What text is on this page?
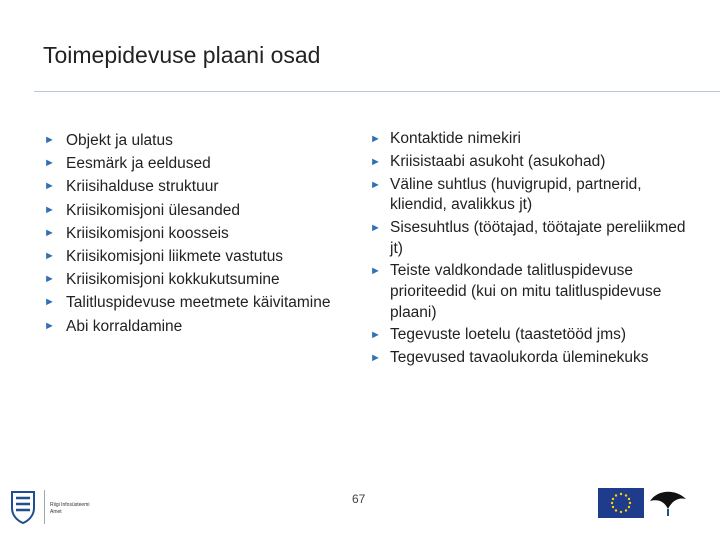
Toimepidevuse plaani osad
► Objekt ja ulatus
► Eesmärk ja eeldused
► Kriisihalduse struktuur
► Kriisikomisjoni ülesanded
► Kriisikomisjoni koosseis
► Kriisikomisjoni liikmete vastutus
► Kriisikomisjoni kokkukutsumine
► Talitluspidevuse meetmete käivitamine
► Abi korraldamine
► Kontaktide nimekiri
► Kriisistaabi asukoht (asukohad)
► Väline suhtlus (huvigrupid, partnerid, kliendid, avalikkus jt)
► Sisesuhtlus (töötajad, töötajate pereliikmed jt)
► Teiste valdkondade talitluspidevuse prioriteedid (kui on mitu talitluspidevuse plaani)
► Tegevuste loetelu (taastetööd jms)
► Tegevused tavaolukorda üleminekuks
67
Riigi Infosüsteemi
Amet
